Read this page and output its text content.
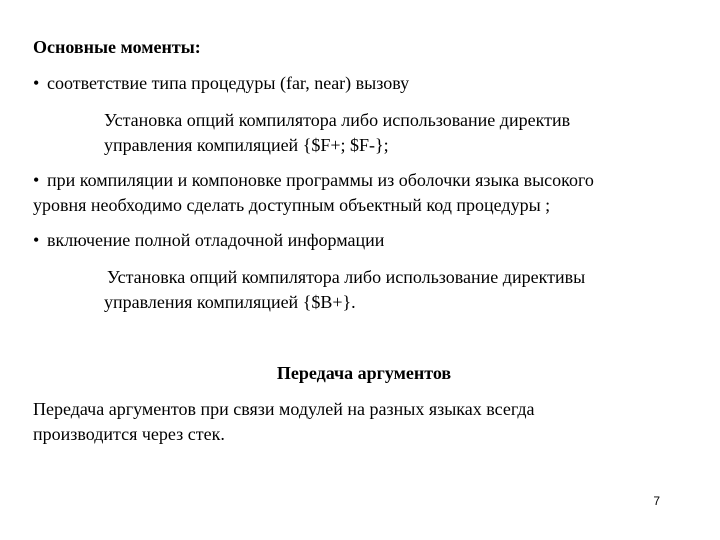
Основные моменты:
• соответствие типа процедуры (far, near) вызову
Установка опций компилятора либо использование директив
управления компиляцией {$F+; $F-};
• при компиляции и компоновке программы из оболочки языка высокого
уровня необходимо сделать доступным объектный код процедуры ;
• включение полной отладочной информации
Установка опций компилятора либо использование директивы
управления компиляцией {$B+}.
Передача аргументов
Передача аргументов при связи модулей на разных языках всегда
производится через стек.
7
